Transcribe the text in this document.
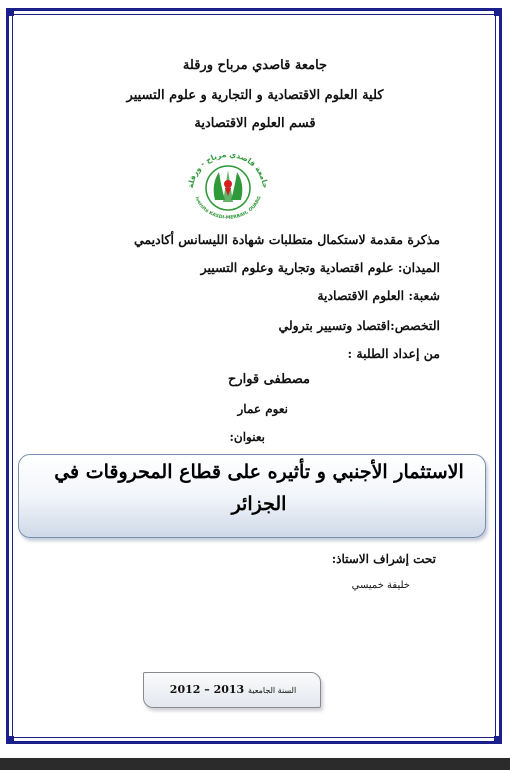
جامعة قاصدي مرباح ورقلة
كلية العلوم الاقتصادية و التجارية و علوم التسيير
قسم العلوم الاقتصادية
جامعة قاصدي مرباح - ورقلة
iversité KASDI-MERBAH, OUARG
مذكرة مقدمة لاستكمال متطلبات شهادة الليسانس أكاديمي
الميدان: علوم اقتصادية وتجارية وعلوم التسيير
شعبة: العلوم الاقتصادية
التخصص:اقتصاد وتسيير بترولي
من إعداد الطلبة :
مصطفى قوارح
نعوم عمار
بعنوان:
الاستثمار الأجنبي و تأثيره على قطاع المحروقات في
الجزائر
تحت إشراف الاستاذ:
خليفة خميسي
2012 – 2013 السنة الجامعية
